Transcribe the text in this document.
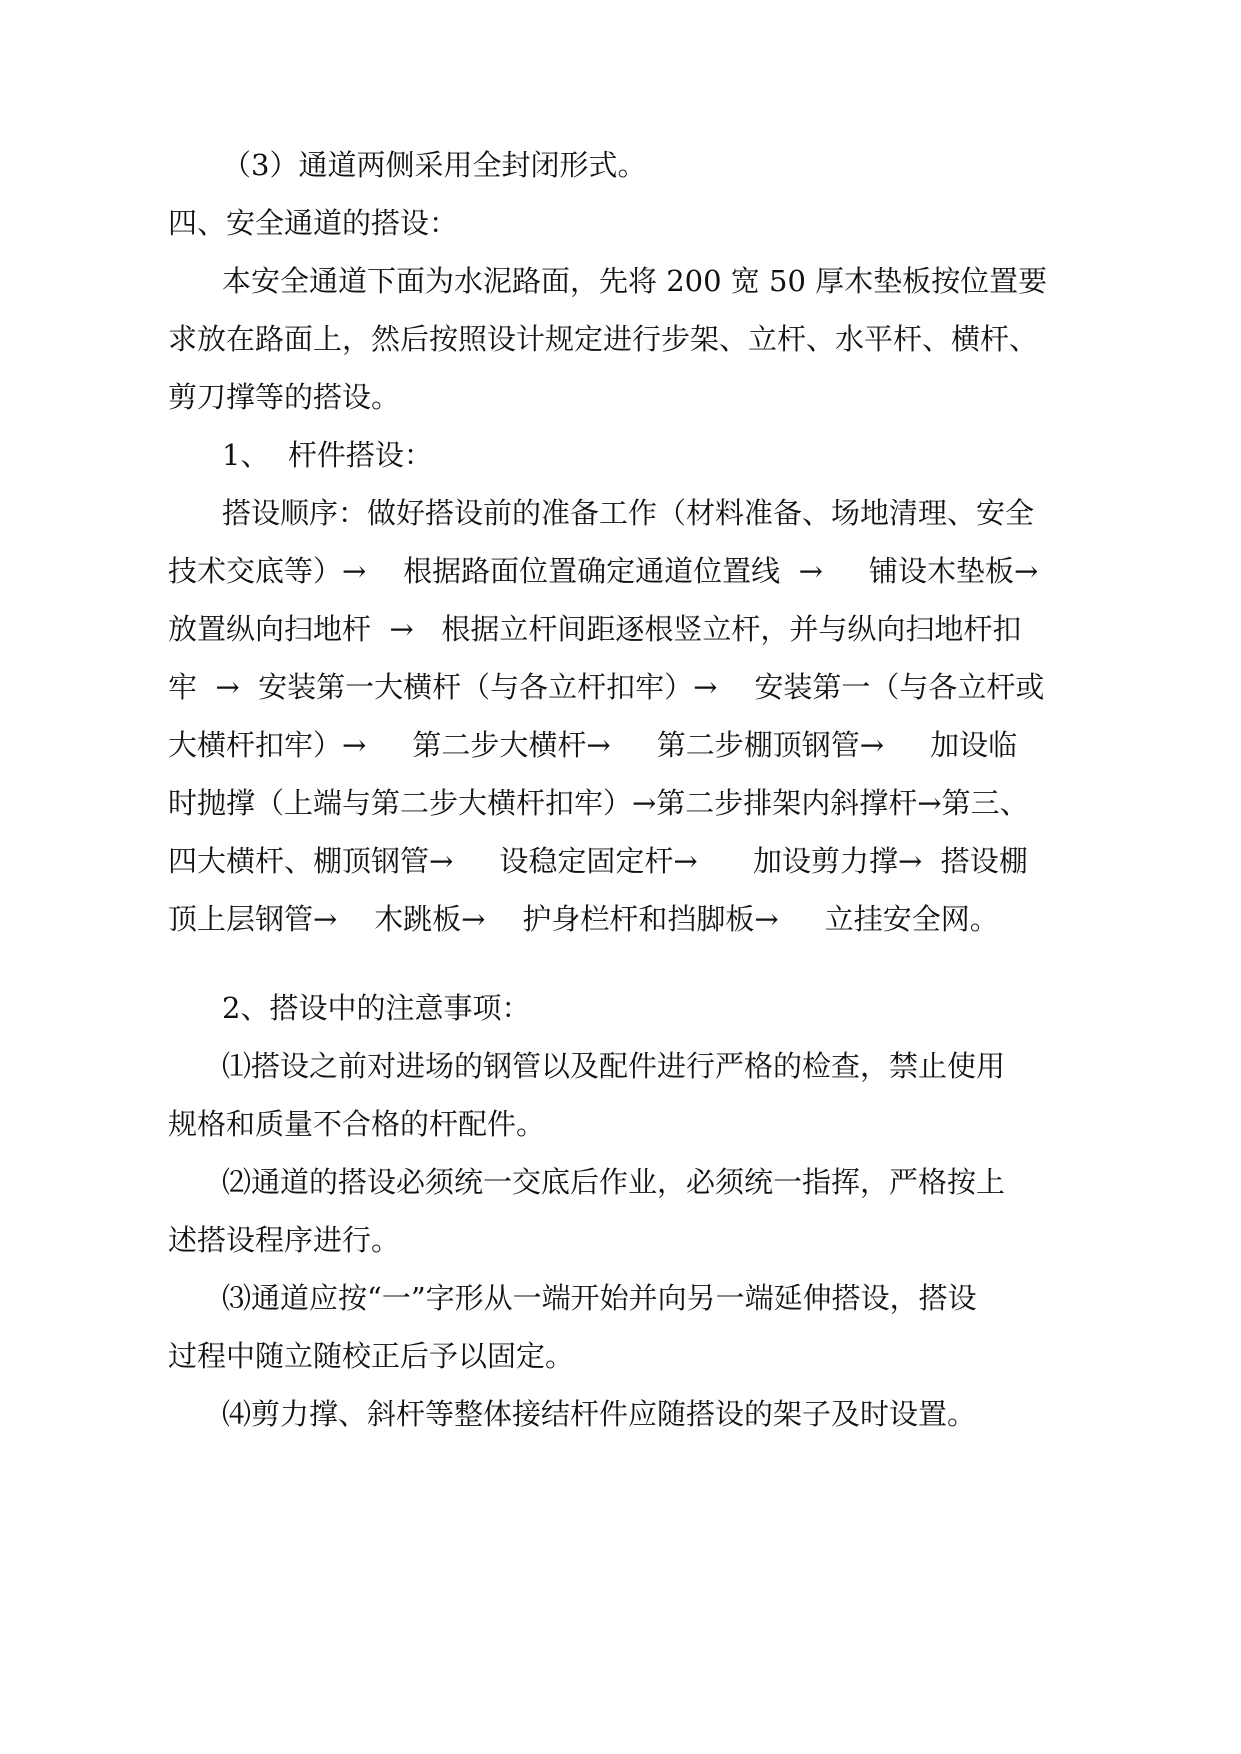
（3）通道两侧采用全封闭形式。
四、安全通道的搭设：
本安全通道下面为水泥路面，先将 200 宽 50 厚木垫板按位置要
求放在路面上，然后按照设计规定进行步架、立杆、水平杆、横杆、
剪刀撑等的搭设。
1、  杆件搭设：
搭设顺序：做好搭设前的准备工作（材料准备、场地清理、安全
技术交底等）→    根据路面位置确定通道位置线  →     铺设木垫板→
放置纵向扫地杆  →   根据立杆间距逐根竖立杆，并与纵向扫地杆扣
牢  →  安装第一大横杆（与各立杆扣牢）→    安装第一（与各立杆或
大横杆扣牢）→     第二步大横杆→     第二步棚顶钢管→     加设临
时抛撑（上端与第二步大横杆扣牢）→第二步排架内斜撑杆→第三、
四大横杆、棚顶钢管→     设稳定固定杆→      加设剪力撑→  搭设棚
顶上层钢管→    木跳板→    护身栏杆和挡脚板→     立挂安全网。
2、搭设中的注意事项：
⑴搭设之前对进场的钢管以及配件进行严格的检查，禁止使用
规格和质量不合格的杆配件。
⑵通道的搭设必须统一交底后作业，必须统一指挥，严格按上
述搭设程序进行。
⑶通道应按“一”字形从一端开始并向另一端延伸搭设，搭设
过程中随立随校正后予以固定。
⑷剪力撑、斜杆等整体接结杆件应随搭设的架子及时设置。
